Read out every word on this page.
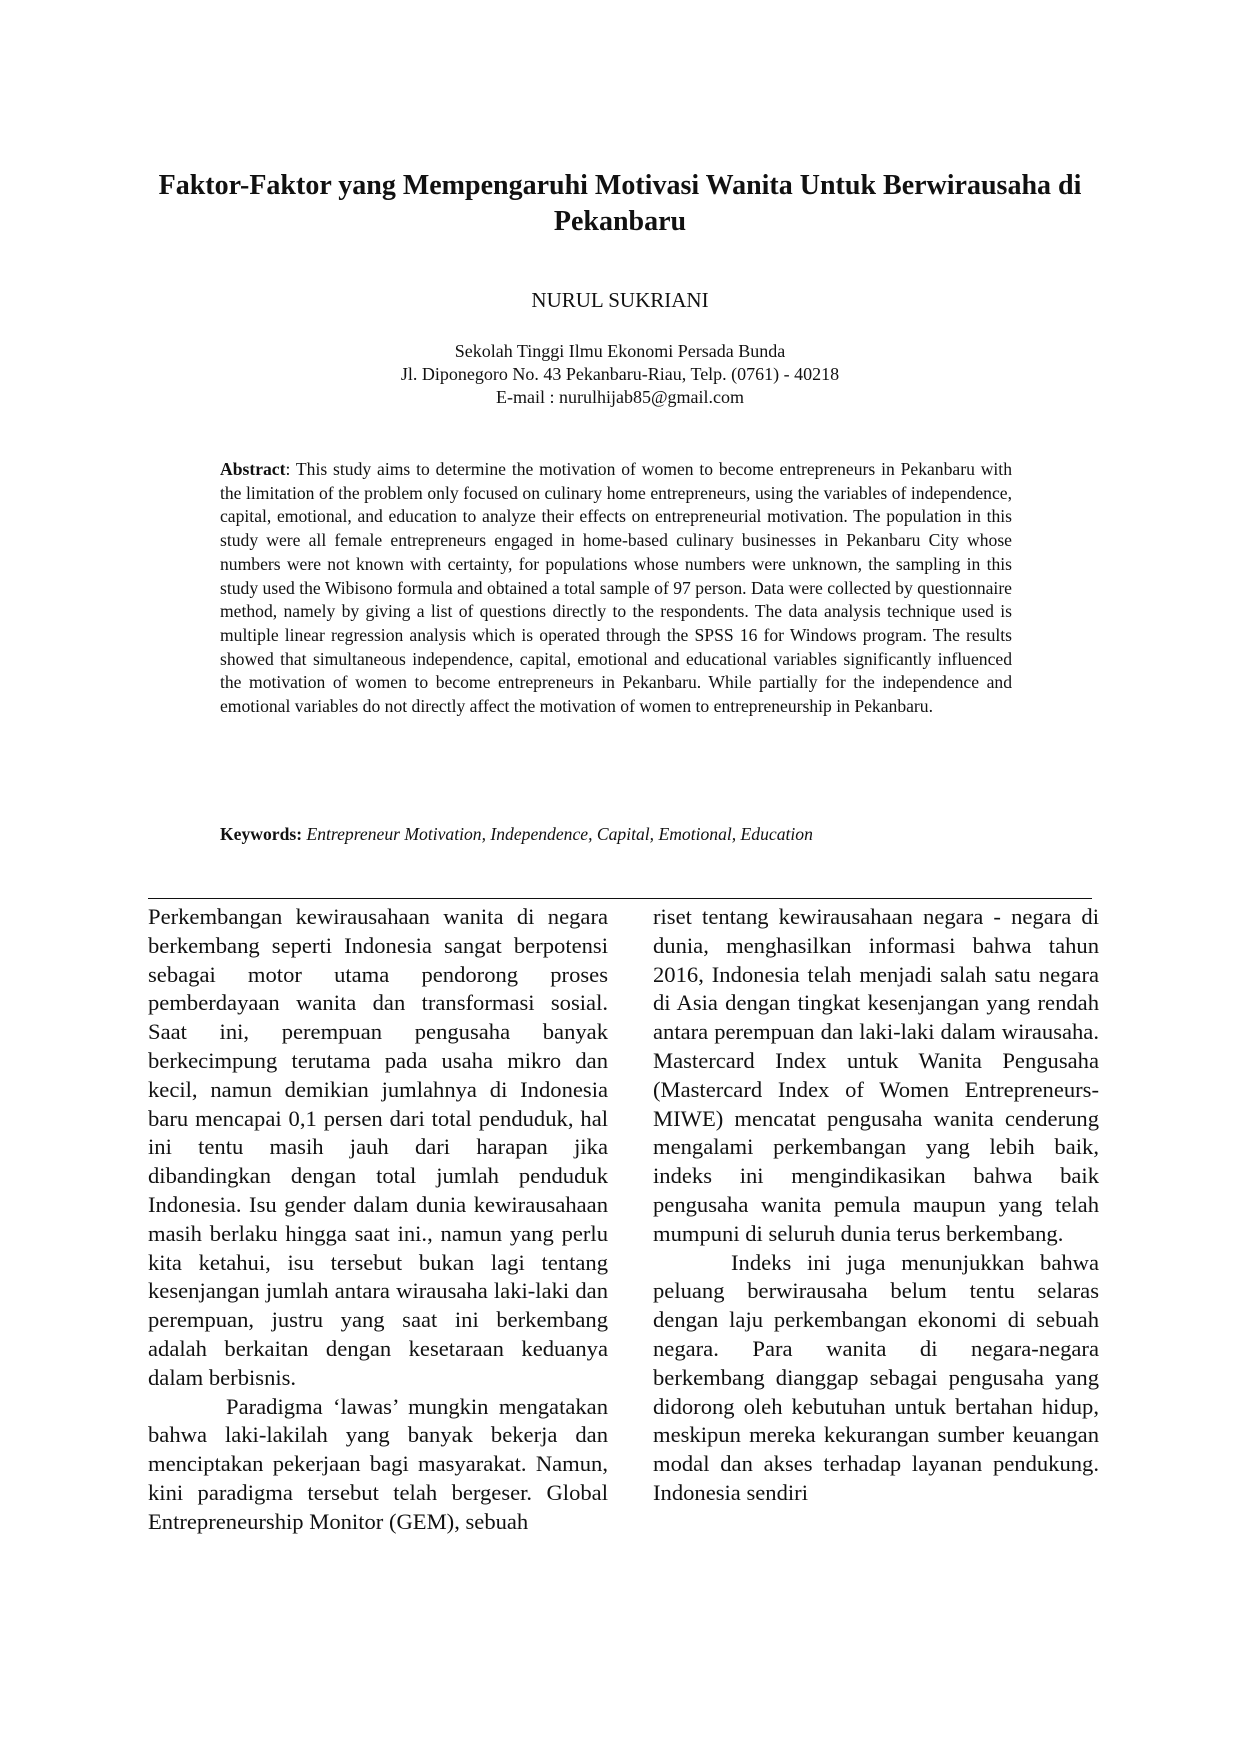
Faktor-Faktor yang Mempengaruhi Motivasi Wanita Untuk Berwirausaha di Pekanbaru

NURUL SUKRIANI

Sekolah Tinggi Ilmu Ekonomi Persada Bunda
Jl. Diponegoro No. 43 Pekanbaru-Riau, Telp. (0761) - 40218
E-mail : nurulhijab85@gmail.com

Abstract: This study aims to determine the motivation of women to become entrepreneurs in Pekanbaru with the limitation of the problem only focused on culinary home entrepreneurs, using the variables of independence, capital, emotional, and education to analyze their effects on entrepreneurial motivation. The population in this study were all female entrepreneurs engaged in home-based culinary businesses in Pekanbaru City whose numbers were not known with certainty, for populations whose numbers were unknown, the sampling in this study used the Wibisono formula and obtained a total sample of 97 person. Data were collected by questionnaire method, namely by giving a list of questions directly to the respondents. The data analysis technique used is multiple linear regression analysis which is operated through the SPSS 16 for Windows program. The results showed that simultaneous independence, capital, emotional and educational variables significantly influenced the motivation of women to become entrepreneurs in Pekanbaru. While partially for the independence and emotional variables do not directly affect the motivation of women to entrepreneurship in Pekanbaru.

Keywords: Entrepreneur Motivation, Independence, Capital, Emotional, Education

Perkembangan kewirausahaan wanita di negara berkembang seperti Indonesia sangat berpotensi sebagai motor utama pendorong proses pemberdayaan wanita dan transformasi sosial. Saat ini, perempuan pengusaha banyak berkecimpung terutama pada usaha mikro dan kecil, namun demikian jumlahnya di Indonesia baru mencapai 0,1 persen dari total penduduk, hal ini tentu masih jauh dari harapan jika dibandingkan dengan total jumlah penduduk Indonesia. Isu gender dalam dunia kewirausahaan masih berlaku hingga saat ini., namun yang perlu kita ketahui, isu tersebut bukan lagi tentang kesenjangan jumlah antara wirausaha laki-laki dan perempuan, justru yang saat ini berkembang adalah berkaitan dengan kesetaraan keduanya dalam berbisnis.

Paradigma ‘lawas’ mungkin mengatakan bahwa laki-lakilah yang banyak bekerja dan menciptakan pekerjaan bagi masyarakat. Namun, kini paradigma tersebut telah bergeser. Global Entrepreneurship Monitor (GEM), sebuah

riset tentang kewirausahaan negara - negara di dunia, menghasilkan informasi bahwa tahun 2016, Indonesia telah menjadi salah satu negara di Asia dengan tingkat kesenjangan yang rendah antara perempuan dan laki-laki dalam wirausaha. Mastercard Index untuk Wanita Pengusaha (Mastercard Index of Women Entrepreneurs-MIWE) mencatat pengusaha wanita cenderung mengalami perkembangan yang lebih baik, indeks ini mengindikasikan bahwa baik pengusaha wanita pemula maupun yang telah mumpuni di seluruh dunia terus berkembang.

Indeks ini juga menunjukkan bahwa peluang berwirausaha belum tentu selaras dengan laju perkembangan ekonomi di sebuah negara. Para wanita di negara-negara berkembang dianggap sebagai pengusaha yang didorong oleh kebutuhan untuk bertahan hidup, meskipun mereka kekurangan sumber keuangan modal dan akses terhadap layanan pendukung. Indonesia sendiri
